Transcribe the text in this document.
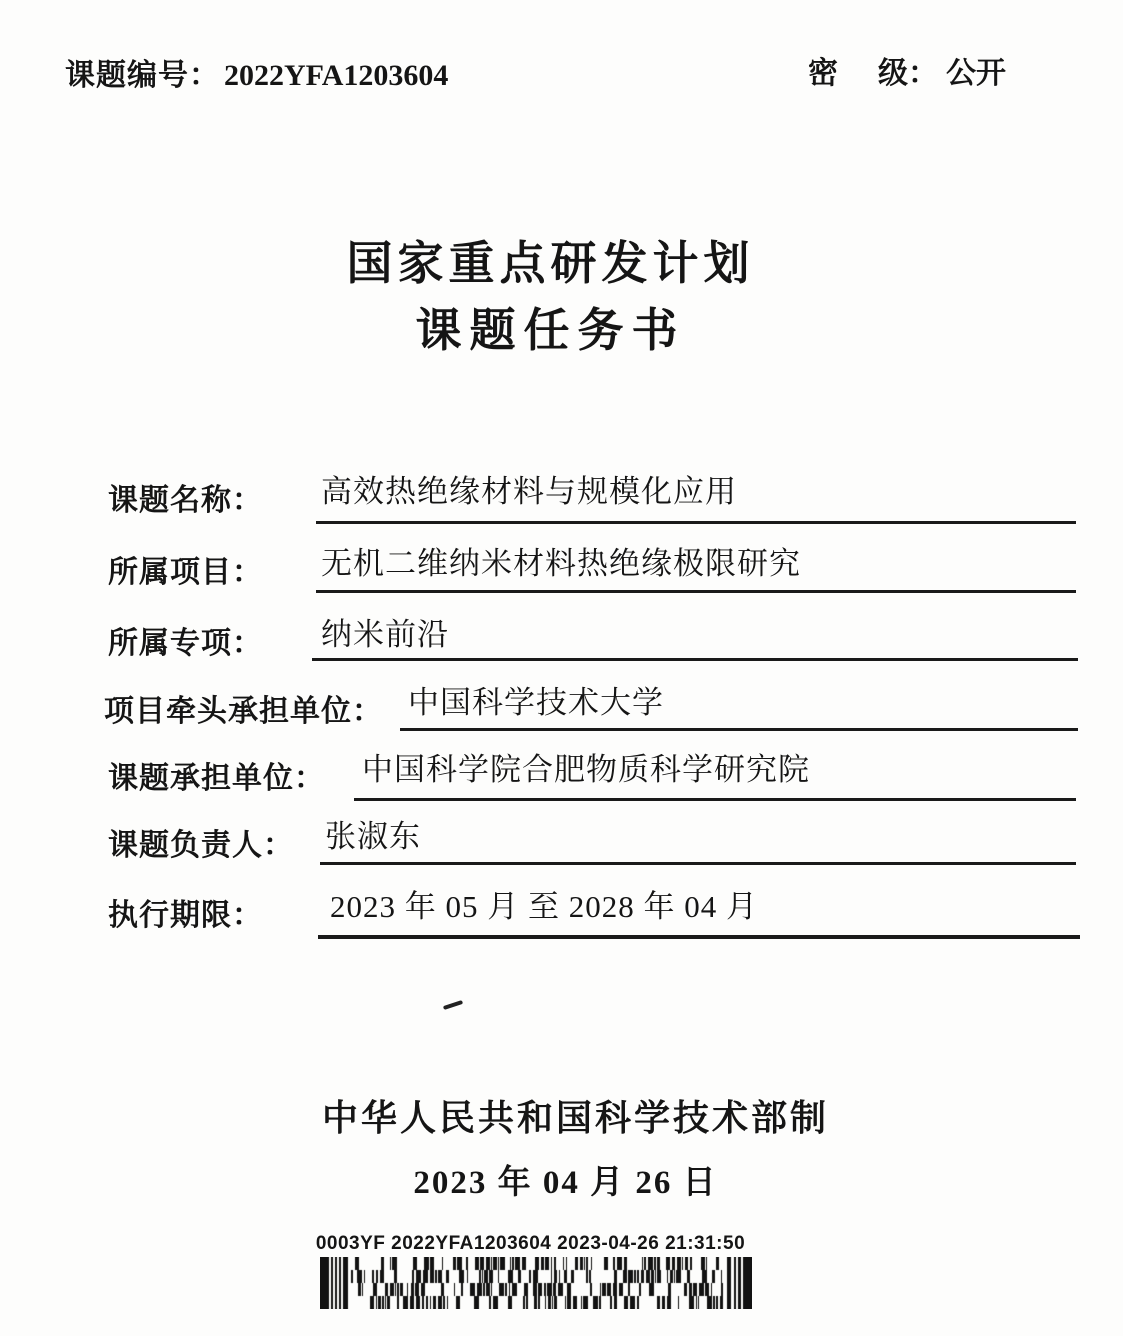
课题编号： 2022YFA1203604	密 级： 公开
国家重点研发计划
课题任务书
课题名称： 高效热绝缘材料与规模化应用
所属项目： 无机二维纳米材料热绝缘极限研究
所属专项： 纳米前沿
项目牵头承担单位： 中国科学技术大学
课题承担单位： 中国科学院合肥物质科学研究院
课题负责人： 张淑东
执行期限： 2023 年 05 月 至 2028 年 04 月
中华人民共和国科学技术部制
2023 年 04 月 26 日
0003YF 2022YFA1203604 2023-04-26 21:31:50
